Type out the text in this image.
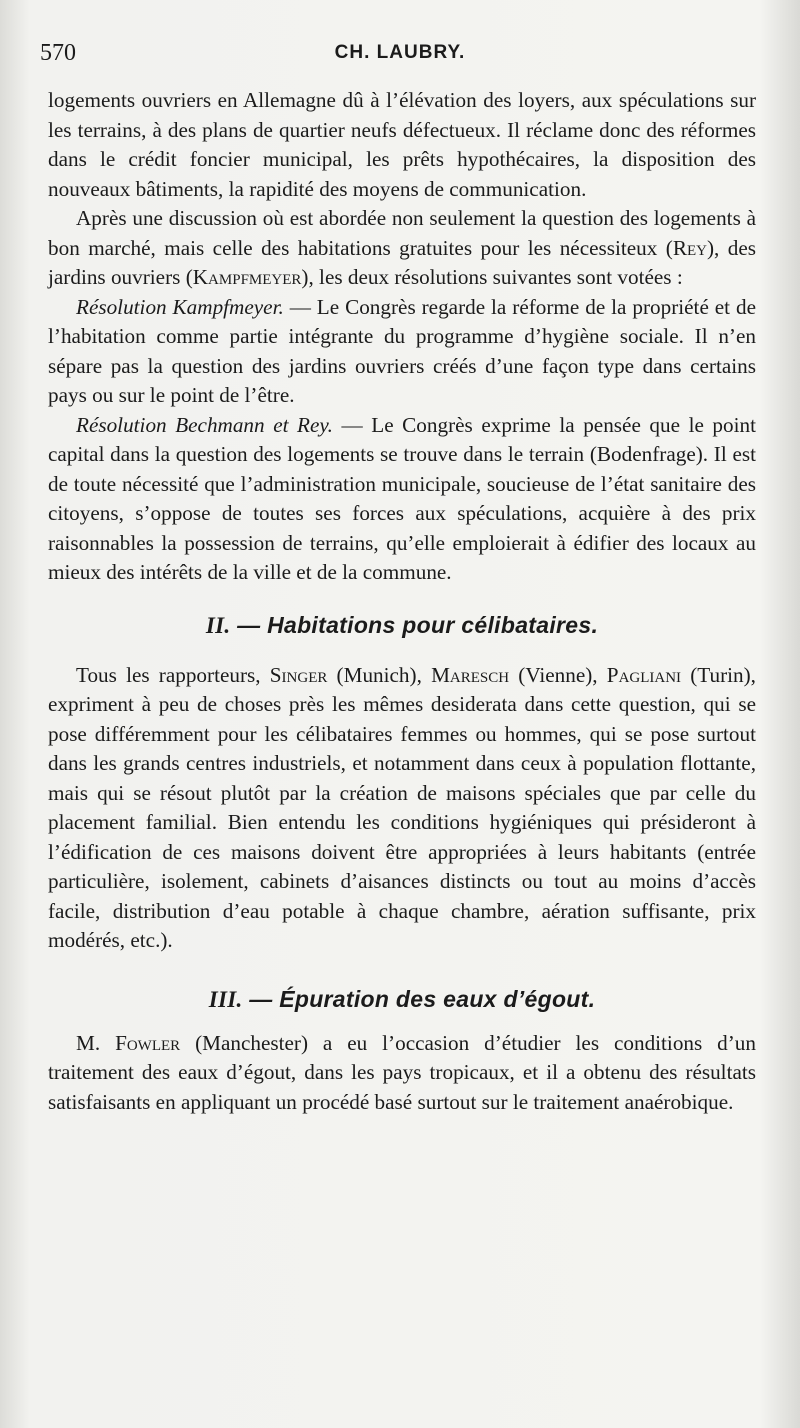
570	CH. LAUBRY.

logements ouvriers en Allemagne dû à l’élévation des loyers, aux spéculations sur les terrains, à des plans de quartier neufs défectueux. Il réclame donc des réformes dans le crédit foncier municipal, les prêts hypothécaires, la disposition des nouveaux bâtiments, la rapidité des moyens de communication.

Après une discussion où est abordée non seulement la question des logements à bon marché, mais celle des habitations gratuites pour les nécessiteux (Rey), des jardins ouvriers (Kampfmeyer), les deux résolutions suivantes sont votées :

Résolution Kampfmeyer. — Le Congrès regarde la réforme de la propriété et de l’habitation comme partie intégrante du programme d’hygiène sociale. Il n’en sépare pas la question des jardins ouvriers créés d’une façon type dans certains pays ou sur le point de l’être.

Résolution Bechmann et Rey. — Le Congrès exprime la pensée que le point capital dans la question des logements se trouve dans le terrain (Bodenfrage). Il est de toute nécessité que l’administration municipale, soucieuse de l’état sanitaire des citoyens, s’oppose de toutes ses forces aux spéculations, acquière à des prix raisonnables la possession de terrains, qu’elle emploierait à édifier des locaux au mieux des intérêts de la ville et de la commune.

II. — Habitations pour célibataires.

Tous les rapporteurs, Singer (Munich), Maresch (Vienne), Pagliani (Turin), expriment à peu de choses près les mêmes desiderata dans cette question, qui se pose différemment pour les célibataires femmes ou hommes, qui se pose surtout dans les grands centres industriels, et notamment dans ceux à population flottante, mais qui se résout plutôt par la création de maisons spéciales que par celle du placement familial. Bien entendu les conditions hygiéniques qui présideront à l’édification de ces maisons doivent être appropriées à leurs habitants (entrée particulière, isolement, cabinets d’aisances distincts ou tout au moins d’accès facile, distribution d’eau potable à chaque chambre, aération suffisante, prix modérés, etc.).

III. — Épuration des eaux d’égout.

M. Fowler (Manchester) a eu l’occasion d’étudier les conditions d’un traitement des eaux d’égout, dans les pays tropicaux, et il a obtenu des résultats satisfaisants en appliquant un procédé basé surtout sur le traitement anaérobique.
